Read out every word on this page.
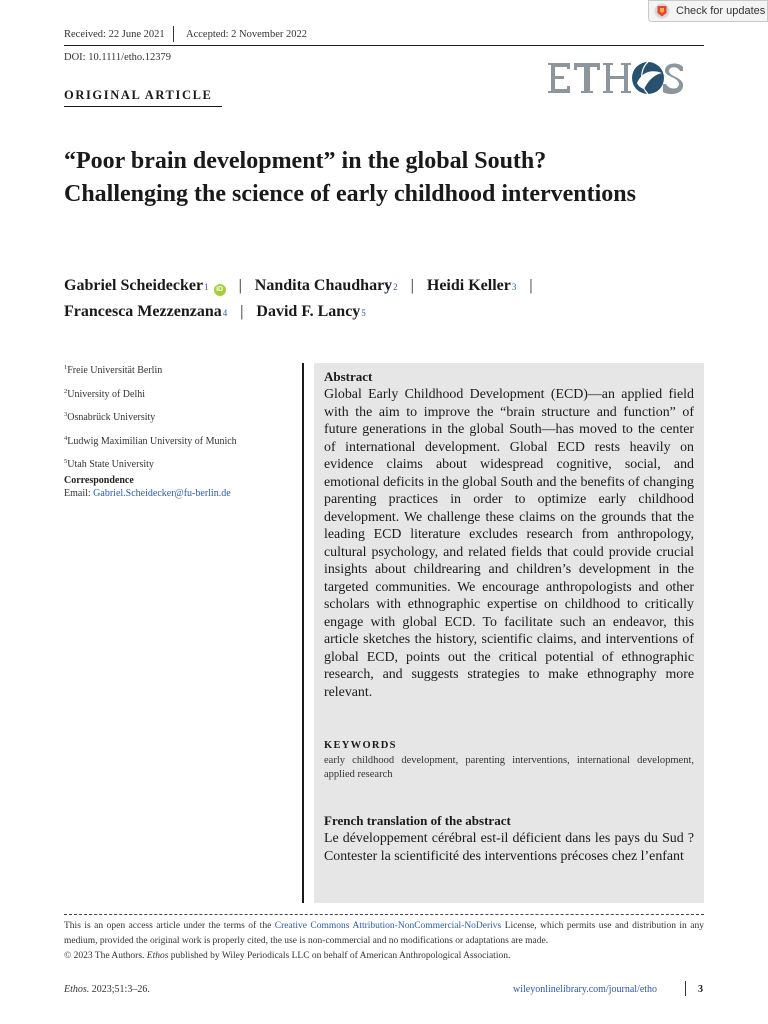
Check for updates
Received: 22 June 2021 Accepted: 2 November 2022
DOI: 10.1111/etho.12379
ORIGINAL ARTICLE
“Poor brain development” in the global South? Challenging the science of early childhood interventions
Gabriel Scheidecker 1	iD | Nandita Chaudhary 2 | Heidi Keller 3 |
Francesca Mezzenzana 4 | David F. Lancy 5
$^1$Freie Universität Berlin
$^2$University of Delhi
$^3$Osnabrück University
$^4$Ludwig Maximilian University of Munich
$^5$Utah State University
Correspondence
Email: Gabriel.Scheidecker@fu-berlin.de
Abstract

Global Early Childhood Development (ECD)—an applied field with the aim to improve the “brain structure and function” of future generations in the global South—has moved to the center of international development. Global ECD rests heavily on evidence claims about widespread cognitive, social, and emotional deficits in the global South and the benefits of changing parenting practices in order to optimize early childhood development. We challenge these claims on the grounds that the leading ECD literature excludes research from anthropology, cultural psychology, and related fields that could provide crucial insights about childrearing and children’s development in the targeted communities. We encourage anthropologists and other scholars with ethnographic expertise on childhood to critically engage with global ECD. To facilitate such an endeavor, this article sketches the history, scientific claims, and interventions of global ECD, points out the critical potential of ethnographic research, and suggests strategies to make ethnography more relevant.

KEYWORDS

early childhood development, parenting interventions, international development, applied research

French translation of the abstract

Le développement cérébral est-il déficient dans les pays du Sud ? Contester la scientificité des interventions précoses chez l’enfant

This is an open access article under the terms of the Creative Commons Attribution-NonCommercial-NoDerivs License, which permits use and distribution in any medium, provided the original work is properly cited, the use is non-commercial and no modifications or adaptations are made.
© 2023 The Authors. Ethos published by Wiley Periodicals LLC on behalf of American Anthropological Association.
Ethos. 2023;51:3–26.	wileyonlinelibrary.com/journal/etho	3
